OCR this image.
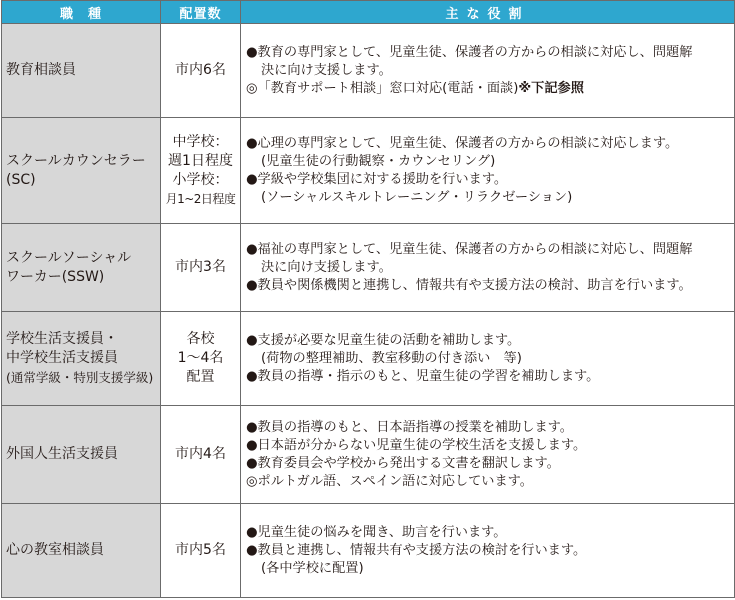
職　種	配置数	主な役割

教育相談員	市内6名	●教育の専門家として、児童生徒、保護者の方からの相談に対応し、問題解
決に向け支援します。
◎「教育サポート相談」窓口対応(電話・面談)※下記参照

スクールカウンセラー
(SC)	中学校：
週1日程度
小学校：
月1~2日程度	●心理の専門家として、児童生徒、保護者の方からの相談に対応します。
(児童生徒の行動観察・カウンセリング)
●学級や学校集団に対する援助を行います。
(ソーシャルスキルトレーニング・リラクゼーション)

スクールソーシャル
ワーカー(SSW)	市内3名	●福祉の専門家として、児童生徒、保護者の方からの相談に対応し、問題解
決に向け支援します。
●教員や関係機関と連携し、情報共有や支援方法の検討、助言を行います。

学校生活支援員・
中学校生活支援員
(通常学級・特別支援学級)	各校
1～4名
配置	●支援が必要な児童生徒の活動を補助します。
(荷物の整理補助、教室移動の付き添い　等)
●教員の指導・指示のもと、児童生徒の学習を補助します。

外国人生活支援員	市内4名	●教員の指導のもと、日本語指導の授業を補助します。
●日本語が分からない児童生徒の学校生活を支援します。
●教育委員会や学校から発出する文書を翻訳します。
◎ポルトガル語、スペイン語に対応しています。

心の教室相談員	市内5名	●児童生徒の悩みを聞き、助言を行います。
●教員と連携し、情報共有や支援方法の検討を行います。
(各中学校に配置)
